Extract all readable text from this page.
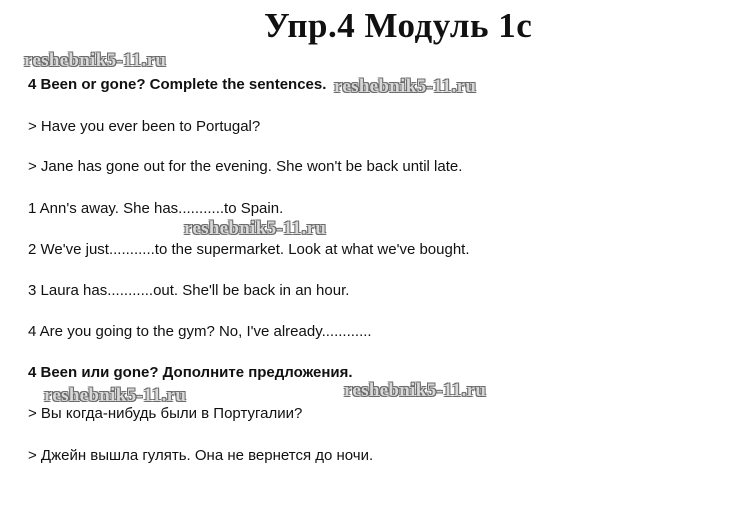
Упр.4 Модуль 1с
4 Been or gone? Complete the sentences.
> Have you ever been to Portugal?
> Jane has gone out for the evening. She won't be back until late.
1 Ann's away. She has...........to Spain.
2 We've just...........to the supermarket. Look at what we've bought.
3 Laura has...........out. She'll be back in an hour.
4 Are you going to the gym? No, I've already............
4 Been или gone? Дополните предложения.
> Вы когда-нибудь были в Португалии?
> Джейн вышла гулять. Она не вернется до ночи.
reshebnik5-11.ru
reshebnik5-11.ru
reshebnik5-11.ru
reshebnik5-11.ru	reshebnik5-11.ru
